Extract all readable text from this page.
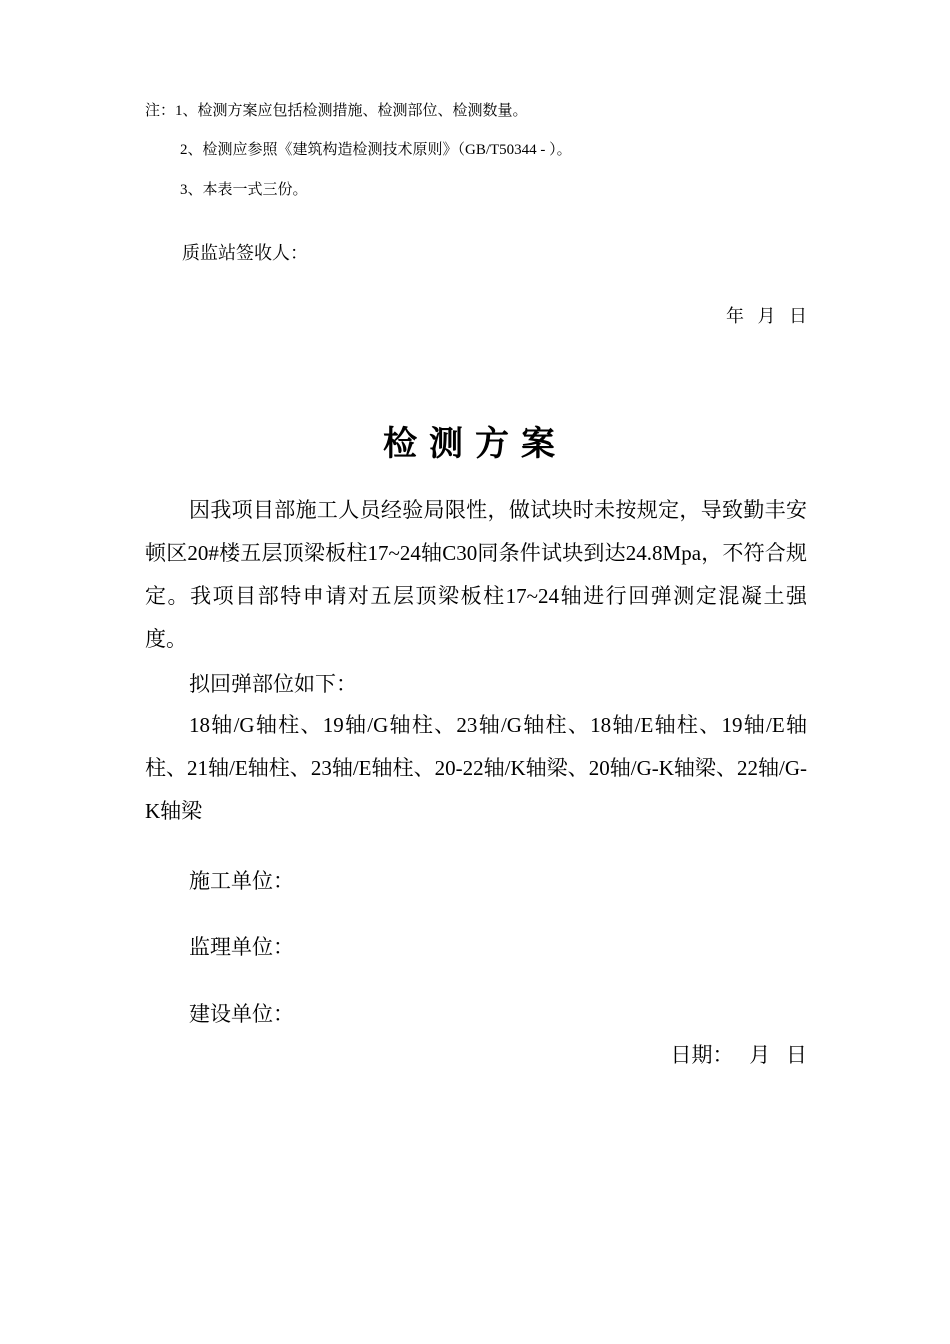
注：1、检测方案应包括检测措施、检测部位、检测数量。
2、检测应参照《建筑构造检测技术原则》（GB/T50344 - ）。
3、本表一式三份。
质监站签收人：
年   月   日
检测方案
因我项目部施工人员经验局限性，做试块时未按规定，导致勤丰安顿区20#楼五层顶梁板柱17~24轴C30同条件试块到达24.8Mpa，不符合规定。我项目部特申请对五层顶梁板柱17~24轴进行回弹测定混凝土强度。
拟回弹部位如下：
18轴/G轴柱、19轴/G轴柱、23轴/G轴柱、18轴/E轴柱、19轴/E轴柱、21轴/E轴柱、23轴/E轴柱、20-22轴/K轴梁、20轴/G-K轴梁、22轴/G-K轴梁
施工单位：
监理单位：
建设单位：
日期：   月   日
